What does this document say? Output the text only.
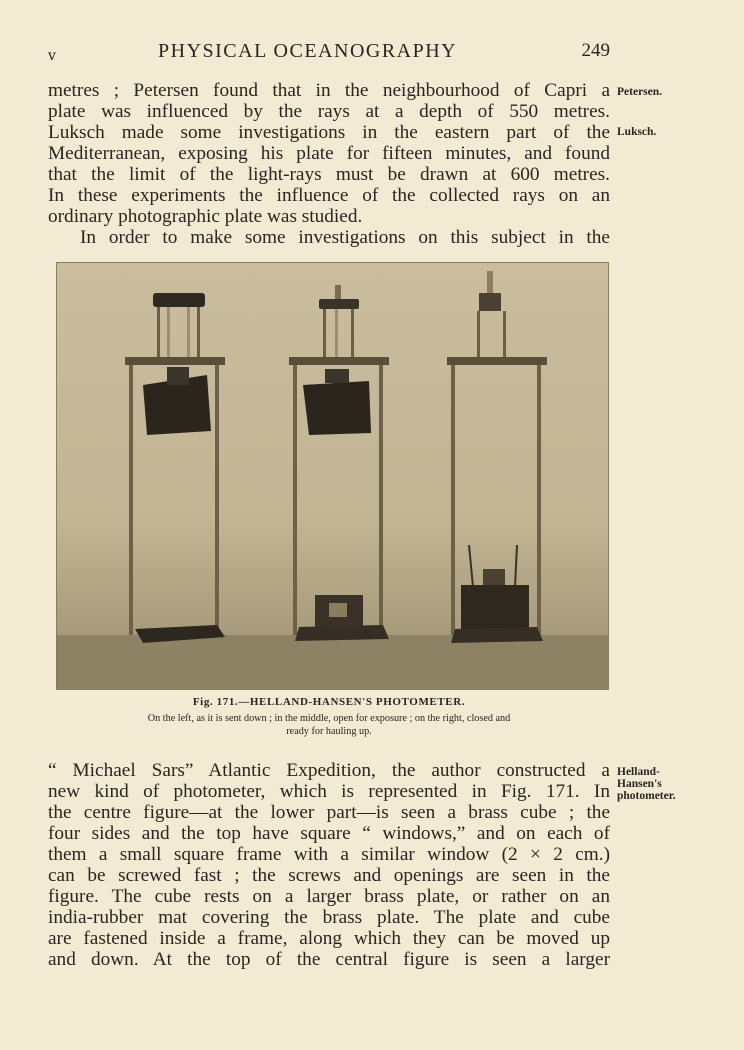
v	PHYSICAL OCEANOGRAPHY	249
metres ; Petersen found that in the neighbourhood of Capri a
plate was influenced by the rays at a depth of 550 metres.
Luksch made some investigations in the eastern part of the
Mediterranean, exposing his plate for fifteen minutes, and found
that the limit of the light-rays must be drawn at 600 metres.
In these experiments the influence of the collected rays on an
ordinary photographic plate was studied.
In order to make some investigations on this subject in the
Petersen.
Luksch.
Fig. 171.—HELLAND-HANSEN'S PHOTOMETER.
On the left, as it is sent down ; in the middle, open for exposure ; on the right, closed and
ready for hauling up.
“ Michael Sars” Atlantic Expedition, the author constructed a
new kind of photometer, which is represented in Fig. 171. In
the centre figure—at the lower part—is seen a brass cube ; the
four sides and the top have square “ windows,” and on each of
them a small square frame with a similar window (2 × 2 cm.)
can be screwed fast ; the screws and openings are seen in the
figure. The cube rests on a larger brass plate, or rather on an
india-rubber mat covering the brass plate. The plate and cube
are fastened inside a frame, along which they can be moved up
and down. At the top of the central figure is seen a larger
Helland-
Hansen's
photometer.
